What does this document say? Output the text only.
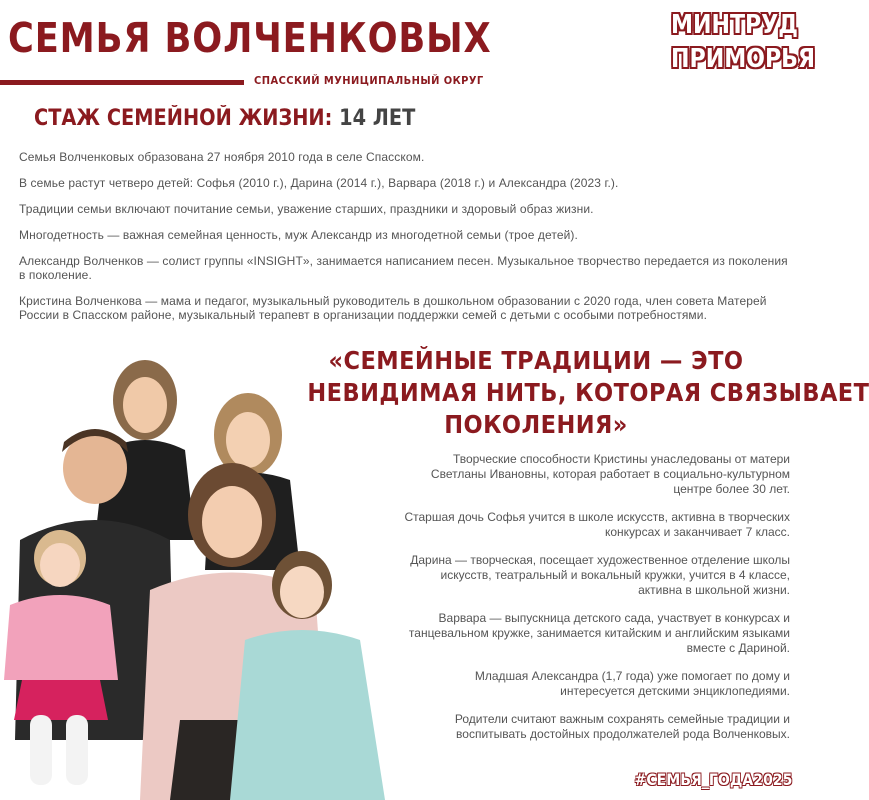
СЕМЬЯ ВОЛЧЕНКОВЫХ
СПАССКИЙ МУНИЦИПАЛЬНЫЙ ОКРУГ
МИНТРУД
ПРИМОРЬЯ
СТАЖ СЕМЕЙНОЙ ЖИЗНИ: 14 ЛЕТ

Семья Волченковых образована 27 ноября 2010 года в селе Спасском.

В семье растут четверо детей: Софья (2010 г.), Дарина (2014 г.), Варвара (2018 г.) и Александра (2023 г.).

Традиции семьи включают почитание семьи, уважение старших, праздники и здоровый образ жизни.

Многодетность — важная семейная ценность, муж Александр из многодетной семьи (трое детей).

Александр Волченков — солист группы «INSIGHT», занимается написанием песен. Музыкальное творчество передается из поколения в поколение.

Кристина Волченкова — мама и педагог, музыкальный руководитель в дошкольном образовании с 2020 года, член совета Матерей России в Спасском районе, музыкальный терапевт в организации поддержки семей с детьми с особыми потребностями.

«СЕМЕЙНЫЕ ТРАДИЦИИ — ЭТО
НЕВИДИМАЯ НИТЬ, КОТОРАЯ СВЯЗЫВАЕТ
ПОКОЛЕНИЯ»

Творческие способности Кристины унаследованы от матери Светланы Ивановны, которая работает в социально-культурном центре более 30 лет.

Старшая дочь Софья учится в школе искусств, активна в творческих конкурсах и заканчивает 7 класс.

Дарина — творческая, посещает художественное отделение школы искусств, театральный и вокальный кружки, учится в 4 классе, активна в школьной жизни.

Варвара — выпускница детского сада, участвует в конкурсах и танцевальном кружке, занимается китайским и английским языками вместе с Дариной.

Младшая Александра (1,7 года) уже помогает по дому и интересуется детскими энциклопедиями.

Родители считают важным сохранять семейные традиции и воспитывать достойных продолжателей рода Волченковых.

#СЕМЬЯ_ГОДА2025
